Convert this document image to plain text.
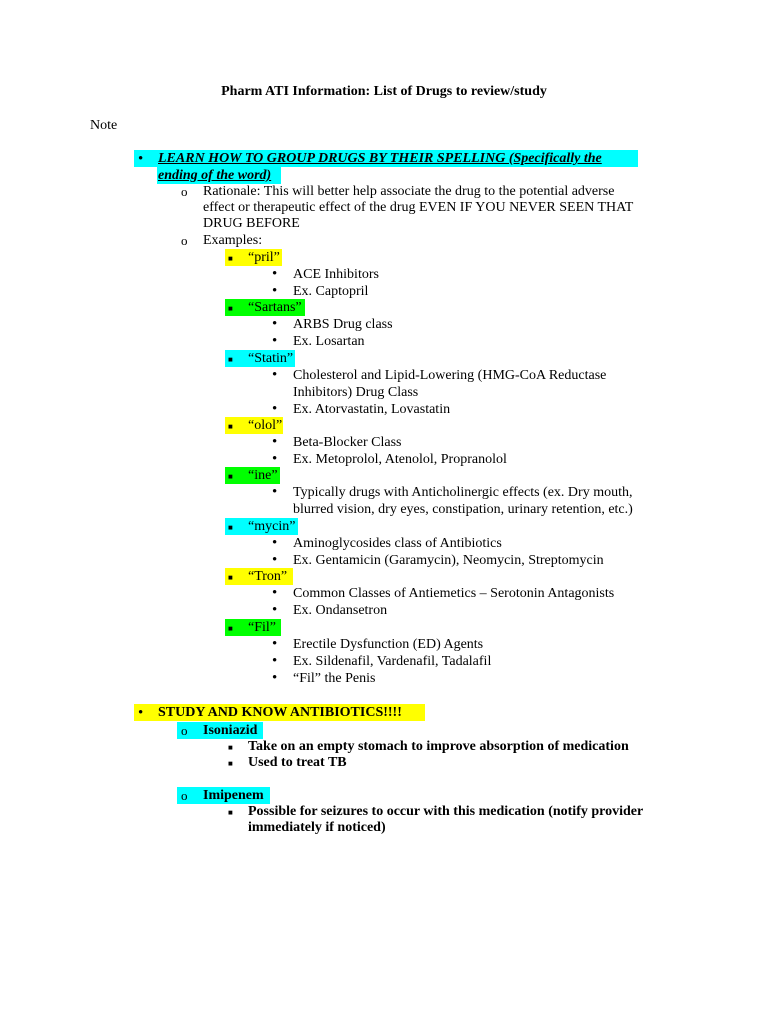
Pharm ATI Information: List of Drugs to review/study
Note
• LEARN HOW TO GROUP DRUGS BY THEIR SPELLING (Specifically the
ending of the word)
o Rationale: This will better help associate the drug to the potential adverse
effect or therapeutic effect of the drug EVEN IF YOU NEVER SEEN THAT
DRUG BEFORE
o Examples:
■ “pril”
• ACE Inhibitors
• Ex. Captopril
■ “Sartans”
• ARBS Drug class
• Ex. Losartan
■ “Statin”
• Cholesterol and Lipid-Lowering (HMG-CoA Reductase
Inhibitors) Drug Class
• Ex. Atorvastatin, Lovastatin
■ “olol”
• Beta-Blocker Class
• Ex. Metoprolol, Atenolol, Propranolol
■ “ine”
• Typically drugs with Anticholinergic effects (ex. Dry mouth,
blurred vision, dry eyes, constipation, urinary retention, etc.)
■ “mycin”
• Aminoglycosides class of Antibiotics
• Ex. Gentamicin (Garamycin), Neomycin, Streptomycin
■ “Tron”
• Common Classes of Antiemetics – Serotonin Antagonists
• Ex. Ondansetron
■ “Fil”
• Erectile Dysfunction (ED) Agents
• Ex. Sildenafil, Vardenafil, Tadalafil
• “Fil” the Penis
• STUDY AND KNOW ANTIBIOTICS!!!!
o Isoniazid
■ Take on an empty stomach to improve absorption of medication
■ Used to treat TB
o Imipenem
■ Possible for seizures to occur with this medication (notify provider
immediately if noticed)
